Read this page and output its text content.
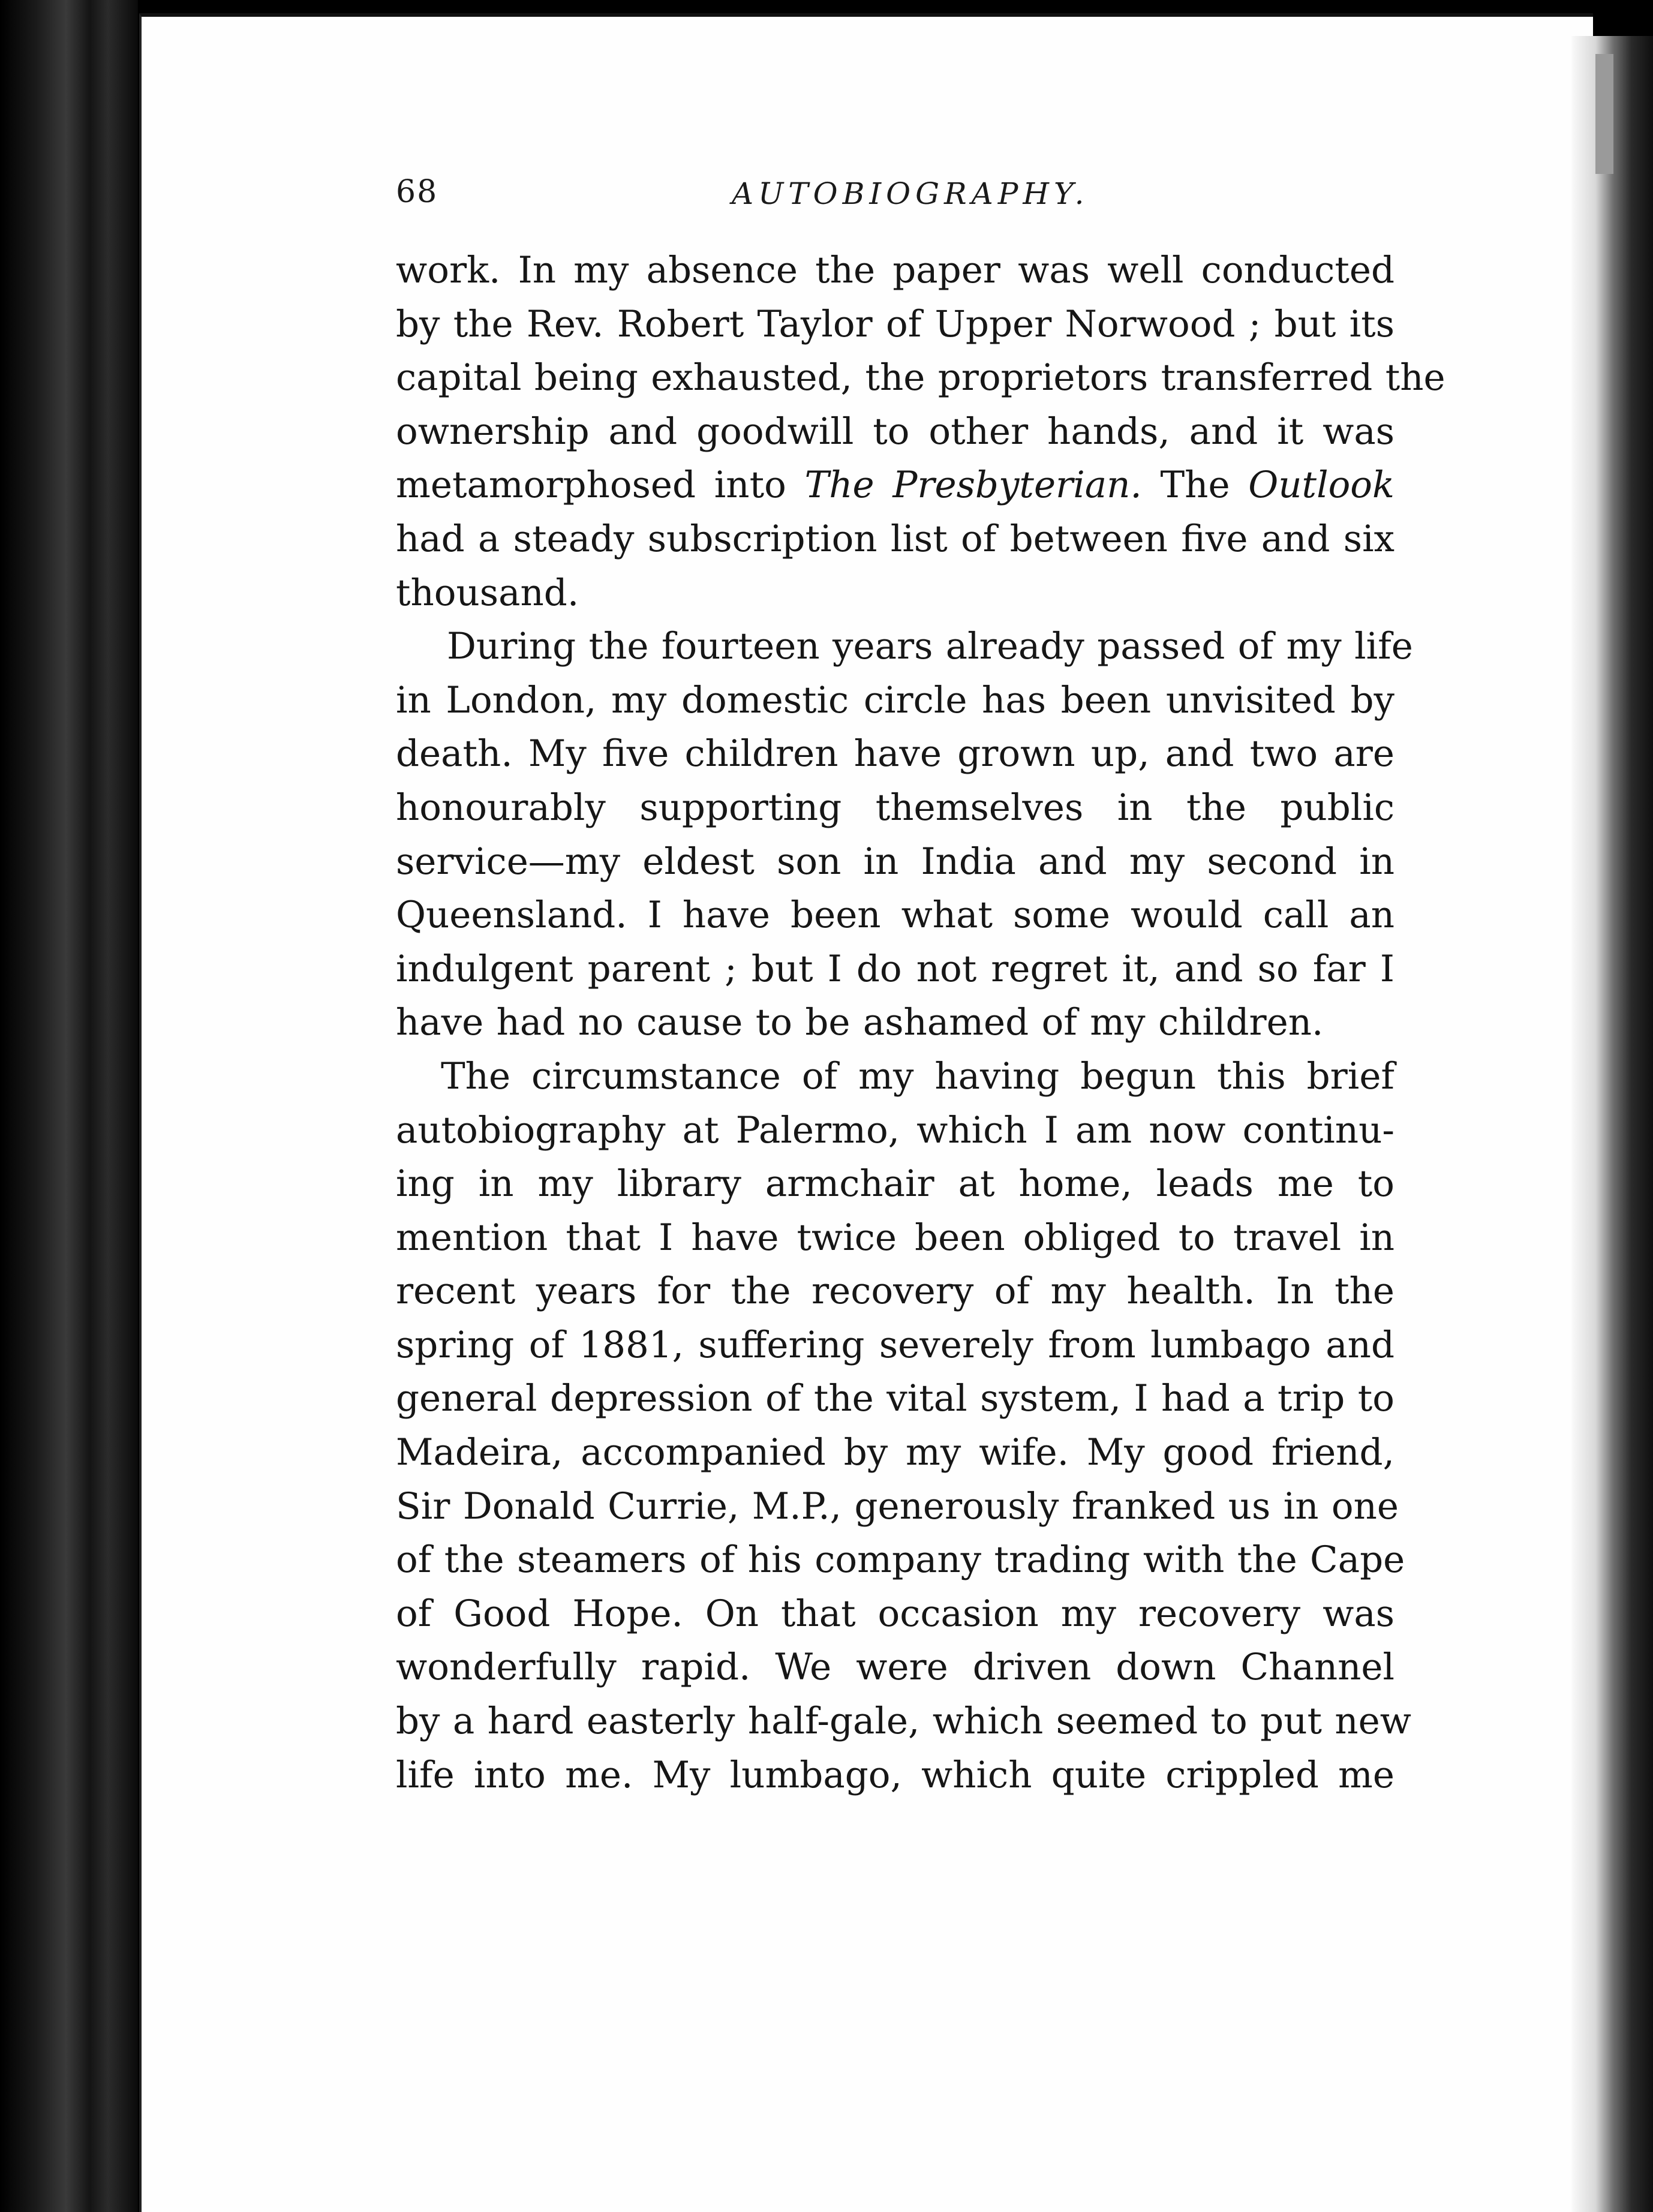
68	AUTOBIOGRAPHY.

work. In my absence the paper was well conducted
by the Rev. Robert Taylor of Upper Norwood ; but its
capital being exhausted, the proprietors transferred the
ownership and goodwill to other hands, and it was
metamorphosed into The Presbyterian. The Outlook
had a steady subscription list of between five and six
thousand.

During the fourteen years already passed of my life
in London, my domestic circle has been unvisited by
death. My five children have grown up, and two are
honourably supporting themselves in the public
service—my eldest son in India and my second in
Queensland. I have been what some would call an
indulgent parent ; but I do not regret it, and so far I
have had no cause to be ashamed of my children.

The circumstance of my having begun this brief
autobiography at Palermo, which I am now continu-
ing in my library armchair at home, leads me to
mention that I have twice been obliged to travel in
recent years for the recovery of my health. In the
spring of 1881, suffering severely from lumbago and
general depression of the vital system, I had a trip to
Madeira, accompanied by my wife. My good friend,
Sir Donald Currie, M.P., generously franked us in one
of the steamers of his company trading with the Cape
of Good Hope. On that occasion my recovery was
wonderfully rapid. We were driven down Channel
by a hard easterly half-gale, which seemed to put new
life into me. My lumbago, which quite crippled me
